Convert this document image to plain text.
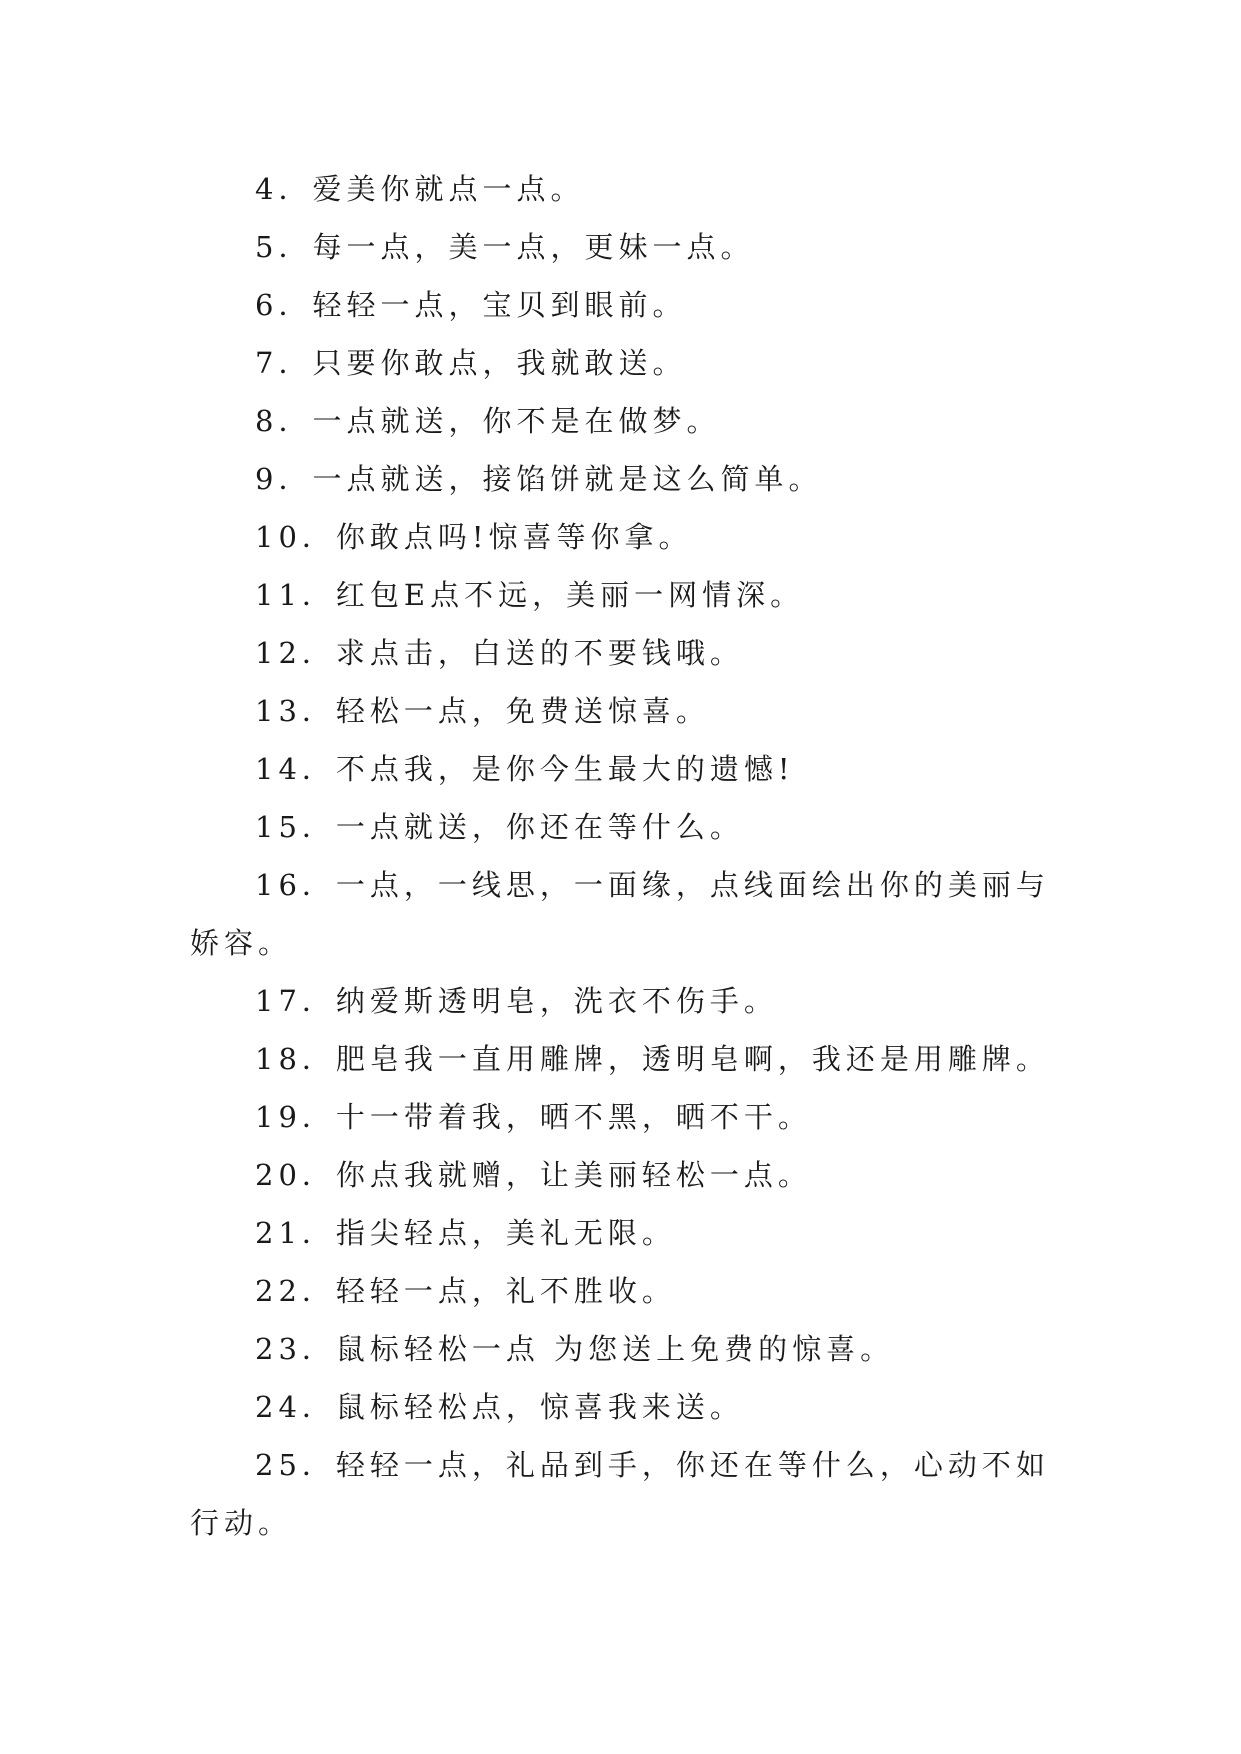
4．爱美你就点一点。

5．每一点，美一点，更妹一点。

6．轻轻一点，宝贝到眼前。

7．只要你敢点，我就敢送。

8．一点就送，你不是在做梦。

9．一点就送，接馅饼就是这么简单。

10．你敢点吗!惊喜等你拿。

11．红包E点不远，美丽一网情深。

12．求点击，白送的不要钱哦。

13．轻松一点，免费送惊喜。

14．不点我，是你今生最大的遗憾!

15．一点就送，你还在等什么。

16．一点，一线思，一面缘，点线面绘出你的美丽与娇容。

17．纳爱斯透明皂，洗衣不伤手。

18．肥皂我一直用雕牌，透明皂啊，我还是用雕牌。

19．十一带着我，晒不黑，晒不干。

20．你点我就赠，让美丽轻松一点。

21．指尖轻点，美礼无限。

22．轻轻一点，礼不胜收。

23．鼠标轻松一点 为您送上免费的惊喜。

24．鼠标轻松点，惊喜我来送。

25．轻轻一点，礼品到手，你还在等什么，心动不如行动。
